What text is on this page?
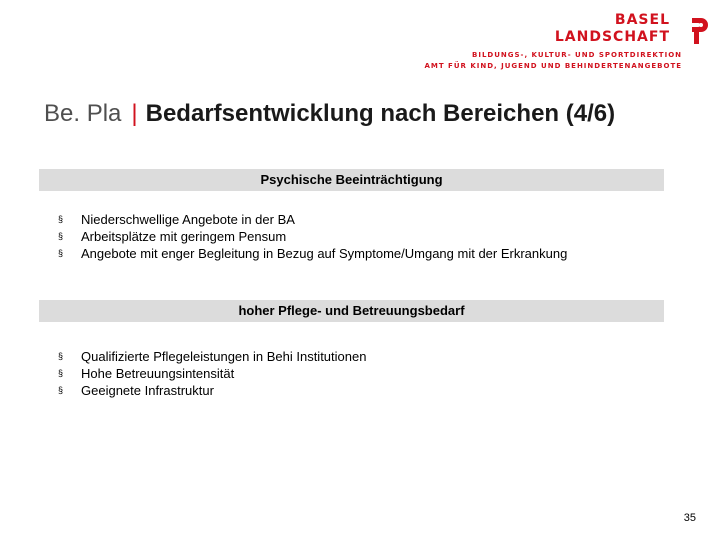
BASEL
LANDSCHAFT
BILDUNGS-, KULTUR- UND SPORTDIREKTION
AMT FÜR KIND, JUGEND UND BEHINDERTENANGEBOTE
Be. Pla | Bedarfsentwicklung nach Bereichen (4/6)
Psychische Beeinträchtigung
§ Niederschwellige Angebote in der BA
§ Arbeitsplätze mit geringem Pensum
§ Angebote mit enger Begleitung in Bezug auf Symptome/Umgang mit der Erkrankung
hoher Pflege- und Betreuungsbedarf
§ Qualifizierte Pflegeleistungen in Behi Institutionen
§ Hohe Betreuungsintensität
§ Geeignete Infrastruktur
35
